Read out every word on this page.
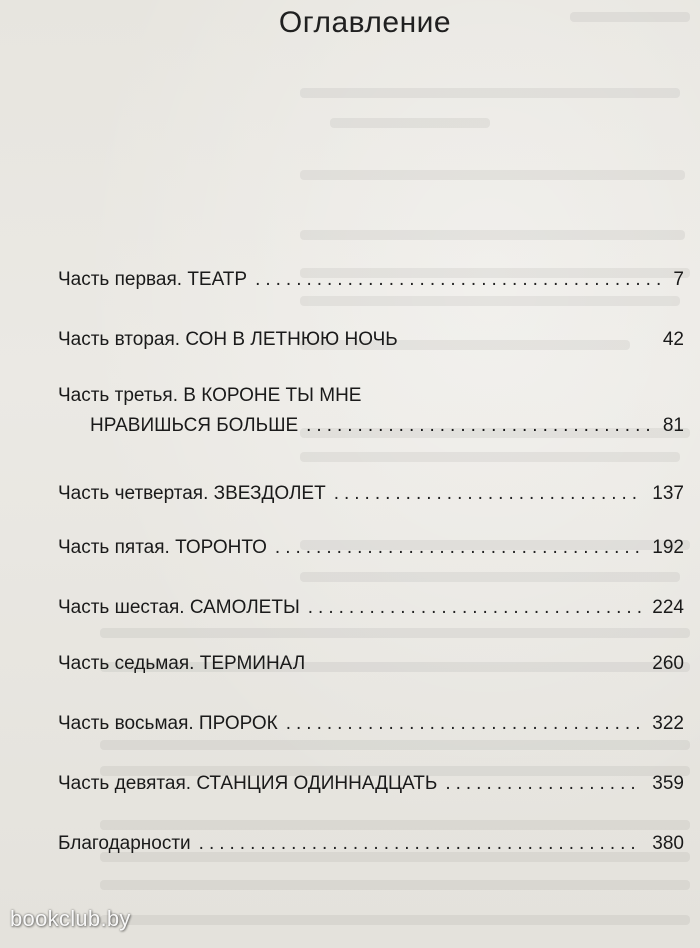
Оглавление
Часть первая. ТЕАТР .....	7
Часть вторая. СОН В ЛЕТНЮЮ НОЧЬ	42
Часть третья. В КОРОНЕ ТЫ МНЕ
НРАВИШЬСЯ БОЛЬШЕ .....	81
Часть четвертая. ЗВЕЗДОЛЕТ .....	137
Часть пятая. ТОРОНТО .....	192
Часть шестая. САМОЛЕТЫ .....	224
Часть седьмая. ТЕРМИНАЛ	260
Часть восьмая. ПРОРОК .....	322
Часть девятая. СТАНЦИЯ ОДИННАДЦАТЬ .....	359
Благодарности .....	380
bookclub.by
